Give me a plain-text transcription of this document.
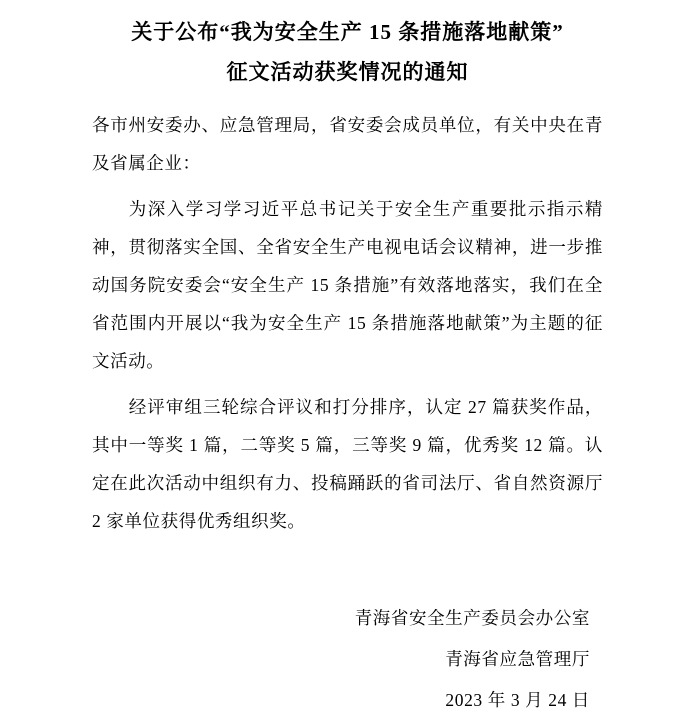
关于公布“我为安全生产 15 条措施落地献策”
征文活动获奖情况的通知

各市州安委办、应急管理局，省安委会成员单位，有关中央在青及省属企业：

为深入学习学习近平总书记关于安全生产重要批示指示精神，贯彻落实全国、全省安全生产电视电话会议精神，进一步推动国务院安委会“安全生产 15 条措施”有效落地落实，我们在全省范围内开展以“我为安全生产 15 条措施落地献策”为主题的征文活动。

经评审组三轮综合评议和打分排序，认定 27 篇获奖作品，其中一等奖 1 篇，二等奖 5 篇，三等奖 9 篇，优秀奖 12 篇。认定在此次活动中组织有力、投稿踊跃的省司法厅、省自然资源厅 2 家单位获得优秀组织奖。

青海省安全生产委员会办公室
青海省应急管理厅
2023 年 3 月 24 日
